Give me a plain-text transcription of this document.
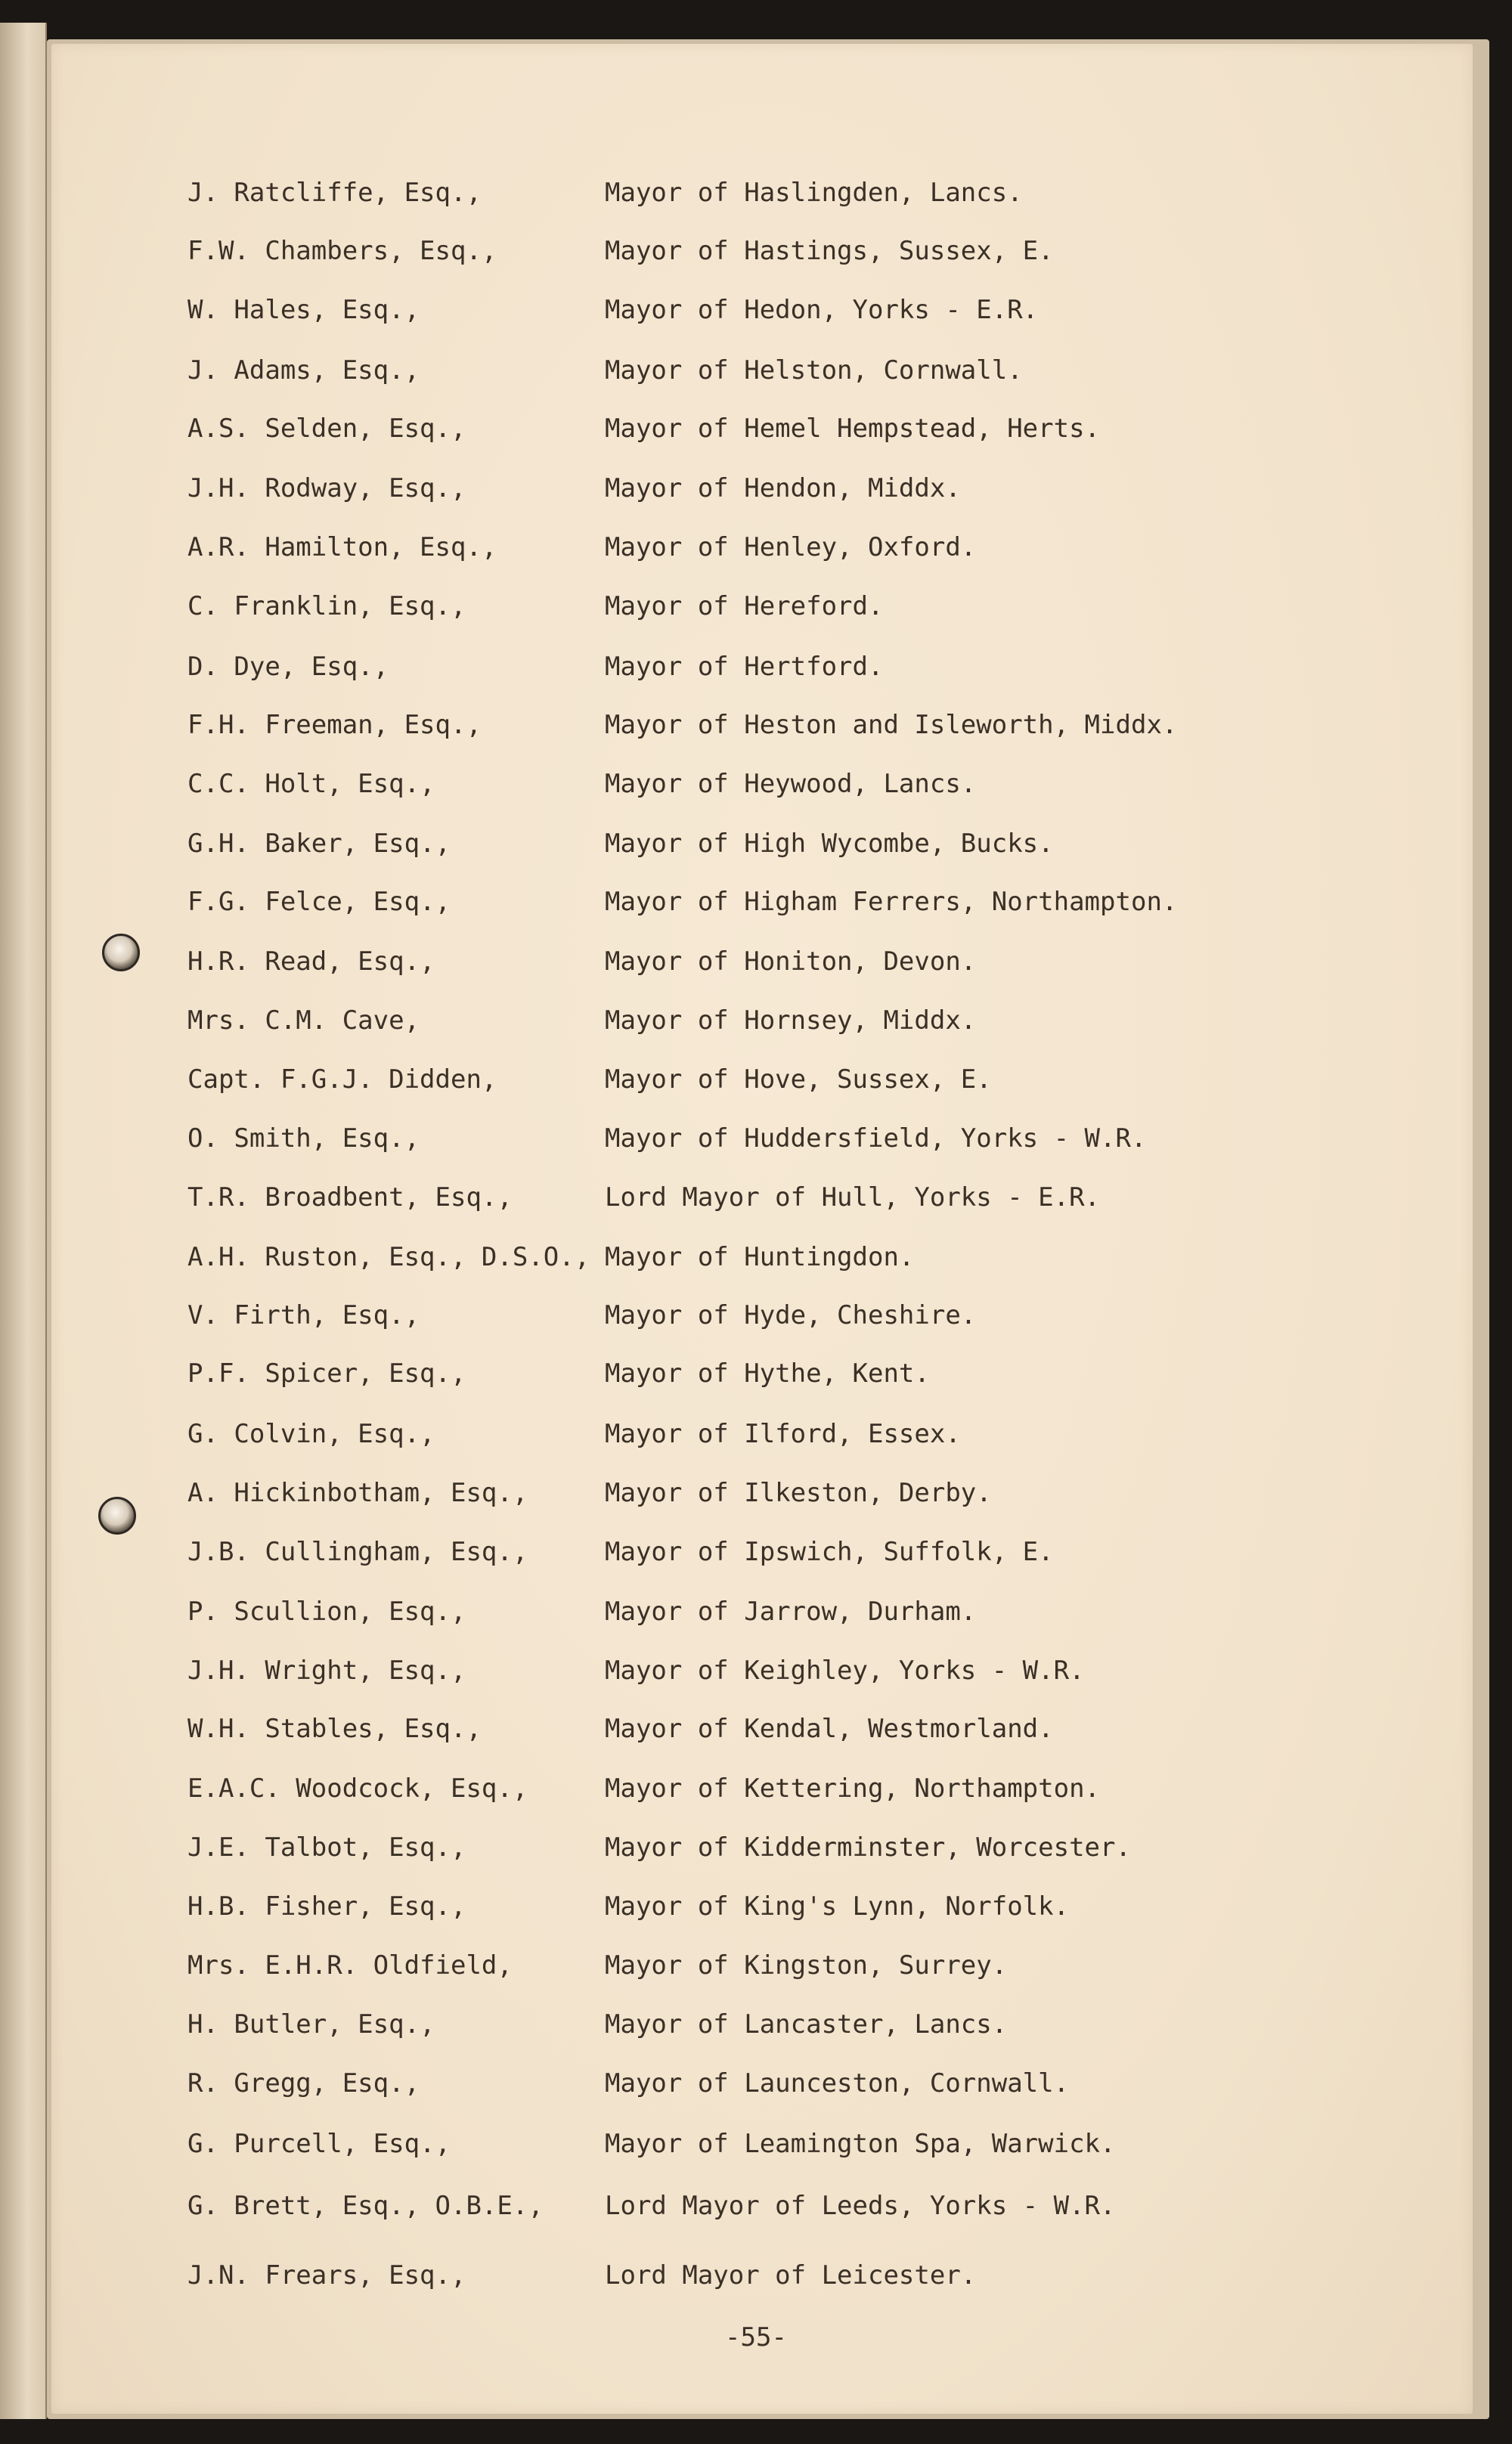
J. Ratcliffe, Esq.,	Mayor of Haslingden, Lancs.
F.W. Chambers, Esq.,	Mayor of Hastings, Sussex, E.
W. Hales, Esq.,	Mayor of Hedon, Yorks - E.R.
J. Adams, Esq.,	Mayor of Helston, Cornwall.
A.S. Selden, Esq.,	Mayor of Hemel Hempstead, Herts.
J.H. Rodway, Esq.,	Mayor of Hendon, Middx.
A.R. Hamilton, Esq.,	Mayor of Henley, Oxford.
C. Franklin, Esq.,	Mayor of Hereford.
D. Dye, Esq.,	Mayor of Hertford.
F.H. Freeman, Esq.,	Mayor of Heston and Isleworth, Middx.
C.C. Holt, Esq.,	Mayor of Heywood, Lancs.
G.H. Baker, Esq.,	Mayor of High Wycombe, Bucks.
F.G. Felce, Esq.,	Mayor of Higham Ferrers, Northampton.
H.R. Read, Esq.,	Mayor of Honiton, Devon.
Mrs. C.M. Cave,	Mayor of Hornsey, Middx.
Capt. F.G.J. Didden,	Mayor of Hove, Sussex, E.
O. Smith, Esq.,	Mayor of Huddersfield, Yorks - W.R.
T.R. Broadbent, Esq.,	Lord Mayor of Hull, Yorks - E.R.
A.H. Ruston, Esq., D.S.O., Mayor of Huntingdon.
V. Firth, Esq.,	Mayor of Hyde, Cheshire.
P.F. Spicer, Esq.,	Mayor of Hythe, Kent.
G. Colvin, Esq.,	Mayor of Ilford, Essex.
A. Hickinbotham, Esq.,	Mayor of Ilkeston, Derby.
J.B. Cullingham, Esq.,	Mayor of Ipswich, Suffolk, E.
P. Scullion, Esq.,	Mayor of Jarrow, Durham.
J.H. Wright, Esq.,	Mayor of Keighley, Yorks - W.R.
W.H. Stables, Esq.,	Mayor of Kendal, Westmorland.
E.A.C. Woodcock, Esq.,	Mayor of Kettering, Northampton.
J.E. Talbot, Esq.,	Mayor of Kidderminster, Worcester.
H.B. Fisher, Esq.,	Mayor of King's Lynn, Norfolk.
Mrs. E.H.R. Oldfield,	Mayor of Kingston, Surrey.
H. Butler, Esq.,	Mayor of Lancaster, Lancs.
R. Gregg, Esq.,	Mayor of Launceston, Cornwall.
G. Purcell, Esq.,	Mayor of Leamington Spa, Warwick.
G. Brett, Esq., O.B.E., Lord Mayor of Leeds, Yorks - W.R.
J.N. Frears, Esq.,	Lord Mayor of Leicester.
-55-
